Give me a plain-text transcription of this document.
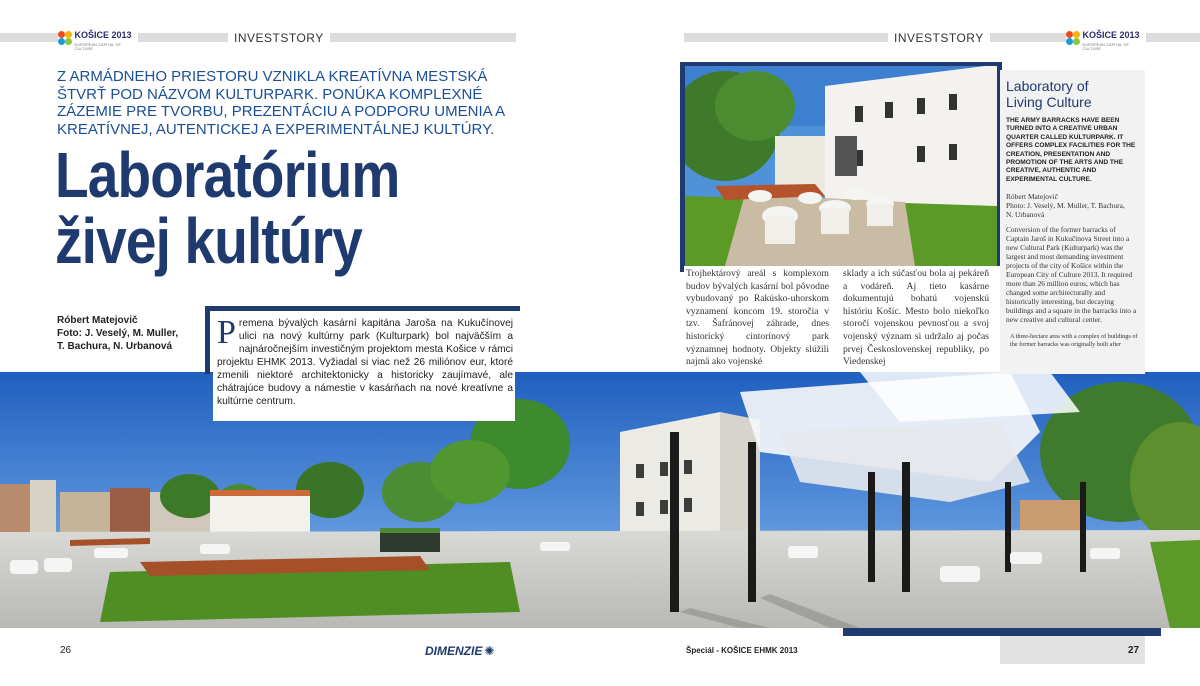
KOŠICE 2013
EUROPEAN CAPITAL OF CULTURE
INVESTSTORY	INVESTSTORY	KOŠICE 2013
EUROPEAN CAPITAL OF CULTURE
Z ARMÁDNEHO PRIESTORU VZNIKLA KREATÍVNA MESTSKÁ ŠTVRŤ POD NÁZVOM KULTURPARK. PONÚKA KOMPLEXNÉ ZÁZEMIE PRE TVORBU, PREZENTÁCIU A PODPORU UMENIA A KREATÍVNEJ, AUTENTICKEJ A EXPERIMENTÁLNEJ KULTÚRY.
Laboratórium
živej kultúry
Róbert Matejovič
Foto: J. Veselý, M. Muller,
T. Bachura, N. Urbanová Premena bývalých kasární kapitána Jaroša na Kukučínovej ulici na nový kultúrny park (Kulturpark) bol najväčším a najnáročnejším investičným projektom mesta Košice v rámci projektu EHMK 2013. Vyžiadal si viac než 26 miliónov eur, ktoré zmenili niektoré architektonicky a historicky zaujímavé, ale chátrajúce budovy a námestie v kasárňach na nové kreatívne a kultúrne centrum.
Trojhektárový areál s komplexom budov bývalých kasární bol pôvodne vybudovaný po Rakúsko-uhorskom vyznamení koncom 19. storočia v tzv. Šafránovej záhrade, dnes historický cintorínový park významnej hodnoty. Objekty slúžili najmä ako vojenské
sklady a ich súčasťou bola aj pekáreň a vodáreň. Aj tieto kasárne dokumentujú bohatú vojenskú históriu Košíc. Mesto bolo niekoľko storočí vojenskou pevnosťou a svoj vojenský význam si udržalo aj počas prvej Československej republiky, po Viedenskej
Laboratory of Living Culture
THE ARMY BARRACKS HAVE BEEN TURNED INTO A CREATIVE URBAN QUARTER CALLED KULTURPARK. IT OFFERS COMPLEX FACILITIES FOR THE CREATION, PRESENTATION AND PROMOTION OF THE ARTS AND THE CREATIVE, AUTHENTIC AND EXPERIMENTAL CULTURE.
Róbert Matejovič
Photo: J. Veselý, M. Muller, T. Bachura,
N. Urbanová
Conversion of the former barracks of Captain Jaroš in Kukučínova Street into a new Cultural Park (Kulturpark) was the largest and most demanding investment projects of the city of Košice within the European City of Culture 2013. It required more than 26 million euros, which has changed some architecturally and historically interesting, but decaying buildings and a square in the barracks into a new creative and cultural center.
A three-hectare area with a complex of buildings of the former barracks was originally built after
26	DIMENZIE ✺	Špeciál - KOŠICE EHMK 2013	27
